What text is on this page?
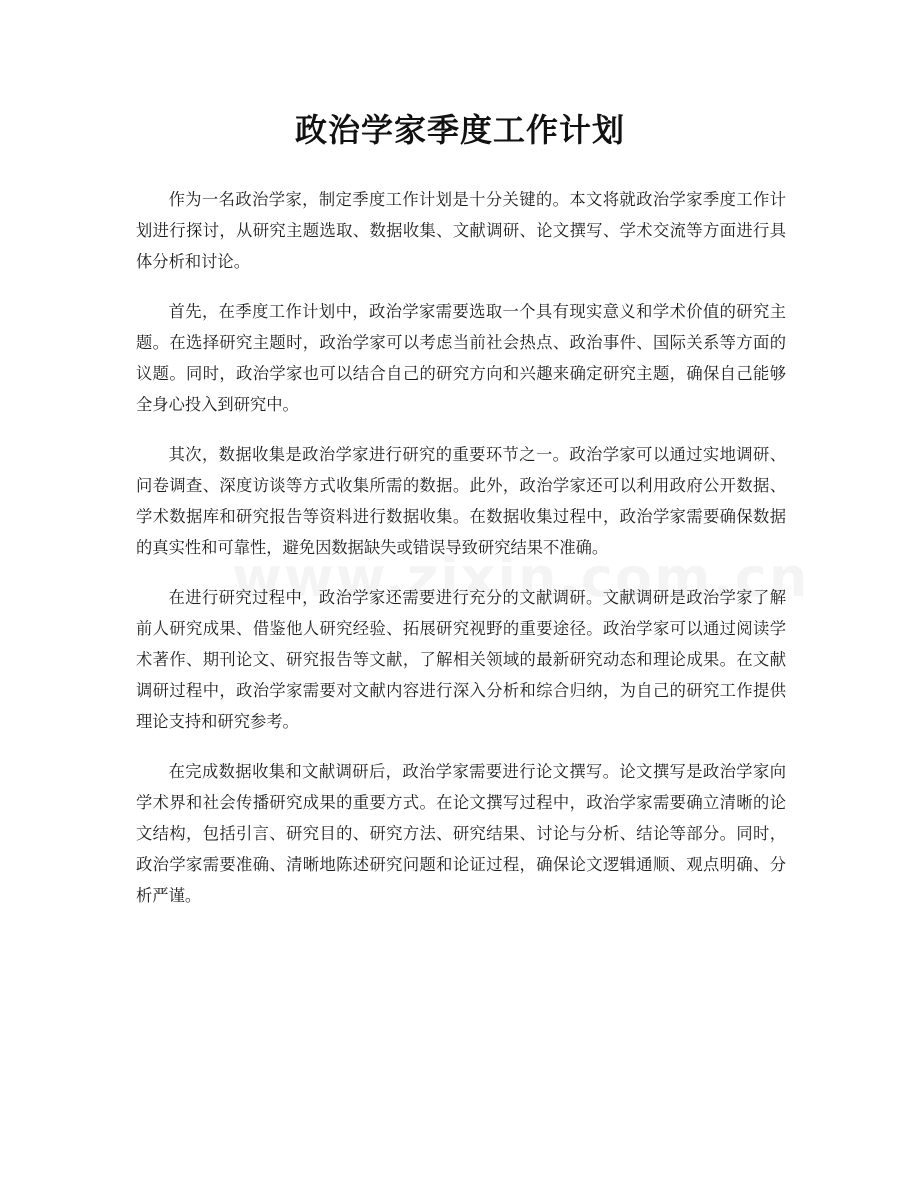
政治学家季度工作计划

作为一名政治学家，制定季度工作计划是十分关键的。本文将就政治学家季度工作计划进行探讨，从研究主题选取、数据收集、文献调研、论文撰写、学术交流等方面进行具体分析和讨论。

首先，在季度工作计划中，政治学家需要选取一个具有现实意义和学术价值的研究主题。在选择研究主题时，政治学家可以考虑当前社会热点、政治事件、国际关系等方面的议题。同时，政治学家也可以结合自己的研究方向和兴趣来确定研究主题，确保自己能够全身心投入到研究中。

其次，数据收集是政治学家进行研究的重要环节之一。政治学家可以通过实地调研、问卷调查、深度访谈等方式收集所需的数据。此外，政治学家还可以利用政府公开数据、学术数据库和研究报告等资料进行数据收集。在数据收集过程中，政治学家需要确保数据的真实性和可靠性，避免因数据缺失或错误导致研究结果不准确。

在进行研究过程中，政治学家还需要进行充分的文献调研。文献调研是政治学家了解前人研究成果、借鉴他人研究经验、拓展研究视野的重要途径。政治学家可以通过阅读学术著作、期刊论文、研究报告等文献，了解相关领域的最新研究动态和理论成果。在文献调研过程中，政治学家需要对文献内容进行深入分析和综合归纳，为自己的研究工作提供理论支持和研究参考。

在完成数据收集和文献调研后，政治学家需要进行论文撰写。论文撰写是政治学家向学术界和社会传播研究成果的重要方式。在论文撰写过程中，政治学家需要确立清晰的论文结构，包括引言、研究目的、研究方法、研究结果、讨论与分析、结论等部分。同时，政治学家需要准确、清晰地陈述研究问题和论证过程，确保论文逻辑通顺、观点明确、分析严谨。
